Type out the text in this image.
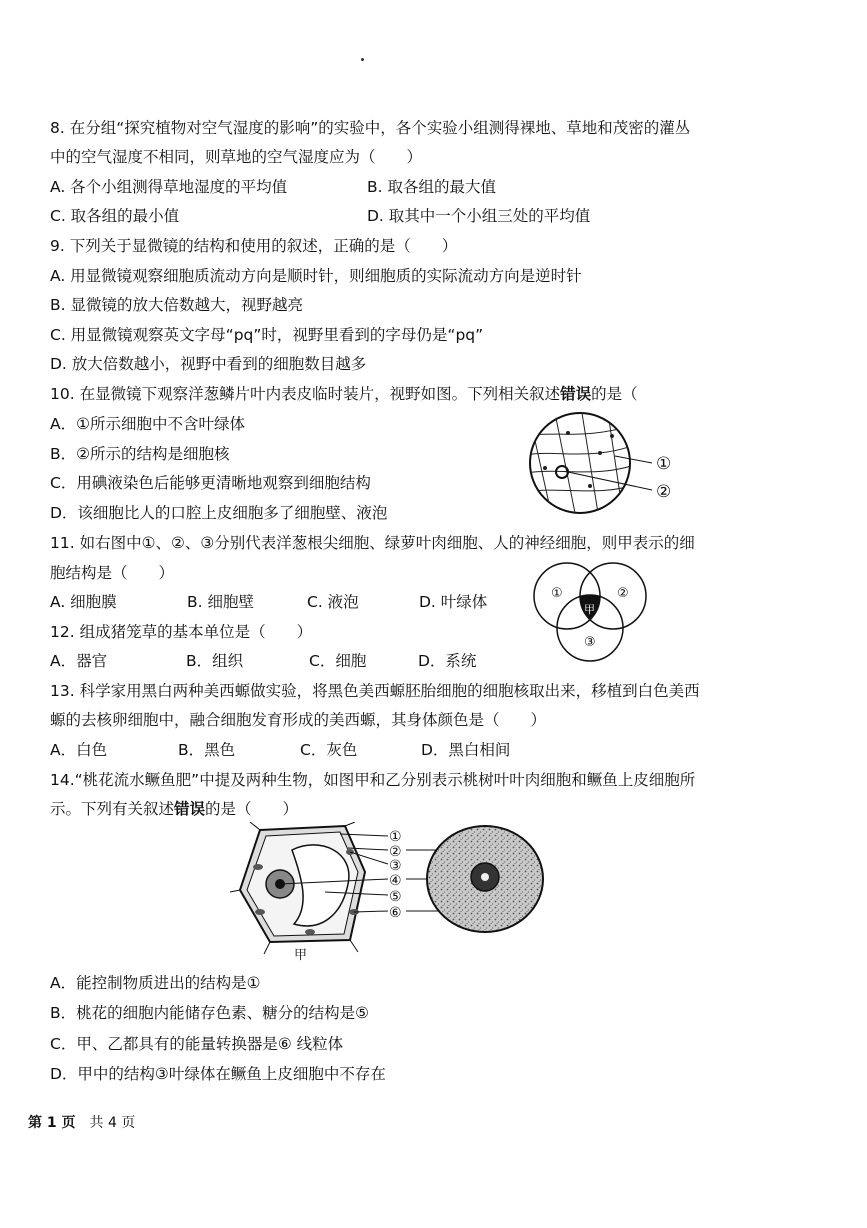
8. 在分组“探究植物对空气湿度的影响”的实验中，各个实验小组测得裸地、草地和茂密的灌丛
中的空气湿度不相同，则草地的空气湿度应为（　　）
A. 各个小组测得草地湿度的平均值	B. 取各组的最大值
C. 取各组的最小值	D. 取其中一个小组三处的平均值
9. 下列关于显微镜的结构和使用的叙述，正确的是（　　）
A. 用显微镜观察细胞质流动方向是顺时针，则细胞质的实际流动方向是逆时针
B. 显微镜的放大倍数越大，视野越亮
C. 用显微镜观察英文字母“pq”时，视野里看到的字母仍是“pq”
D. 放大倍数越小，视野中看到的细胞数目越多
10. 在显微镜下观察洋葱鳞片叶内表皮临时装片，视野如图。下列相关叙述错误的是（
A．①所示细胞中不含叶绿体
B．②所示的结构是细胞核
C．用碘液染色后能够更清晰地观察到细胞结构
D．该细胞比人的口腔上皮细胞多了细胞壁、液泡
①
②
11. 如右图中①、②、③分别代表洋葱根尖细胞、绿萝叶肉细胞、人的神经细胞，则甲表示的细
胞结构是（　　）
A. 细胞膜	B. 细胞壁	C. 液泡	D. 叶绿体	①	②
③
甲
12. 组成猪笼草的基本单位是（　　）
A．器官	B．组织	C．细胞	D．系统
13. 科学家用黑白两种美西螈做实验，将黑色美西螈胚胎细胞的细胞核取出来，移植到白色美西
螈的去核卵细胞中，融合细胞发育形成的美西螈，其身体颜色是（　　）
A．白色	B．黑色	C．灰色	D．黑白相间
14.“桃花流水鳜鱼肥”中提及两种生物，如图甲和乙分别表示桃树叶叶肉细胞和鳜鱼上皮细胞所
示。下列有关叙述错误的是（　　）
①
②
③
④
⑤
⑥
甲
A．能控制物质进出的结构是①
B．桃花的细胞内能储存色素、糖分的结构是⑤
C．甲、乙都具有的能量转换器是⑥ 线粒体
D．甲中的结构③叶绿体在鳜鱼上皮细胞中不存在
第 1 页 共 4 页
